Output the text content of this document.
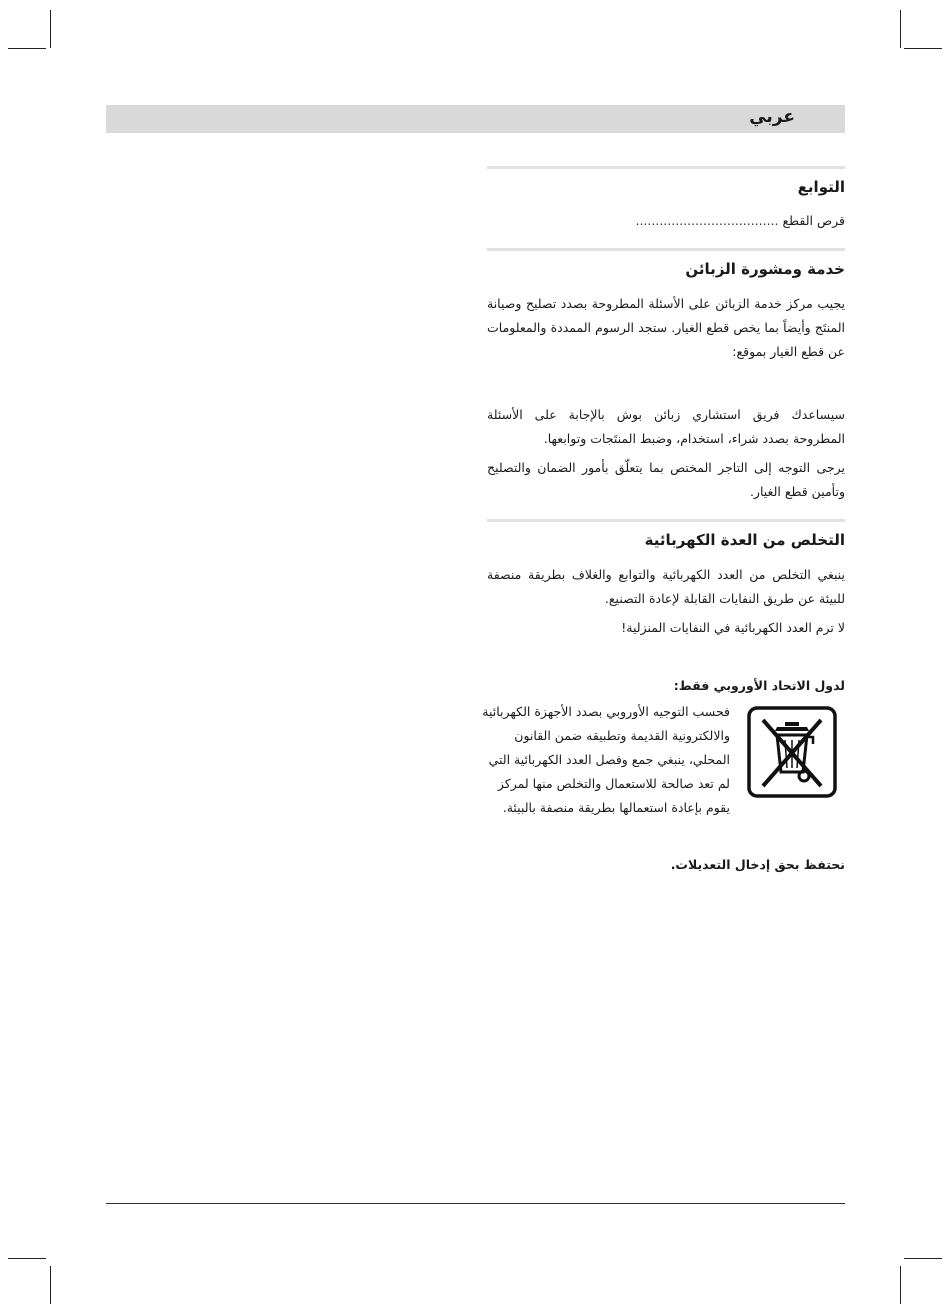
عربي
التوابع
قرص القطع ....................................
خدمة ومشورة الزبائن

يجيب مركز خدمة الزبائن على الأسئلة المطروحة بصدد تصليح وصيانة المنتَج وأيضاً بما يخص قطع الغيار. ستجد الرسوم الممددة والمعلومات عن قطع الغيار بموقع:

سيساعدك فريق استشاري زبائن بوش بالإجابة على الأسئلة المطروحة بصدد شراء، استخدام، وضبط المنتَجات وتوابعها.

يرجى التوجه إلى التاجر المختص بما يتعلّق بأمور الضمان والتصليح وتأمين قطع الغيار.

التخلص من العدة الكهربائية

ينبغي التخلص من العدد الكهربائية والتوابع والغلاف بطريقة منصفة للبيئة عن طريق النفايات القابلة لإعادة التصنيع.

لا ترم العدد الكهربائية في النفايات المنزلية!

لدول الاتحاد الأوروبي فقط:
فحسب التوجيه الأوروبي بصدد الأجهزة الكهربائية والالكترونية القديمة وتطبيقه ضمن القانون المحلي، ينبغي جمع وفصل العدد الكهربائية التي لم تعد صالحة للاستعمال والتخلص منها لمركز يقوم بإعادة استعمالها بطريقة منصفة بالبيئة.
نحتفظ بحق إدخال التعديلات.
